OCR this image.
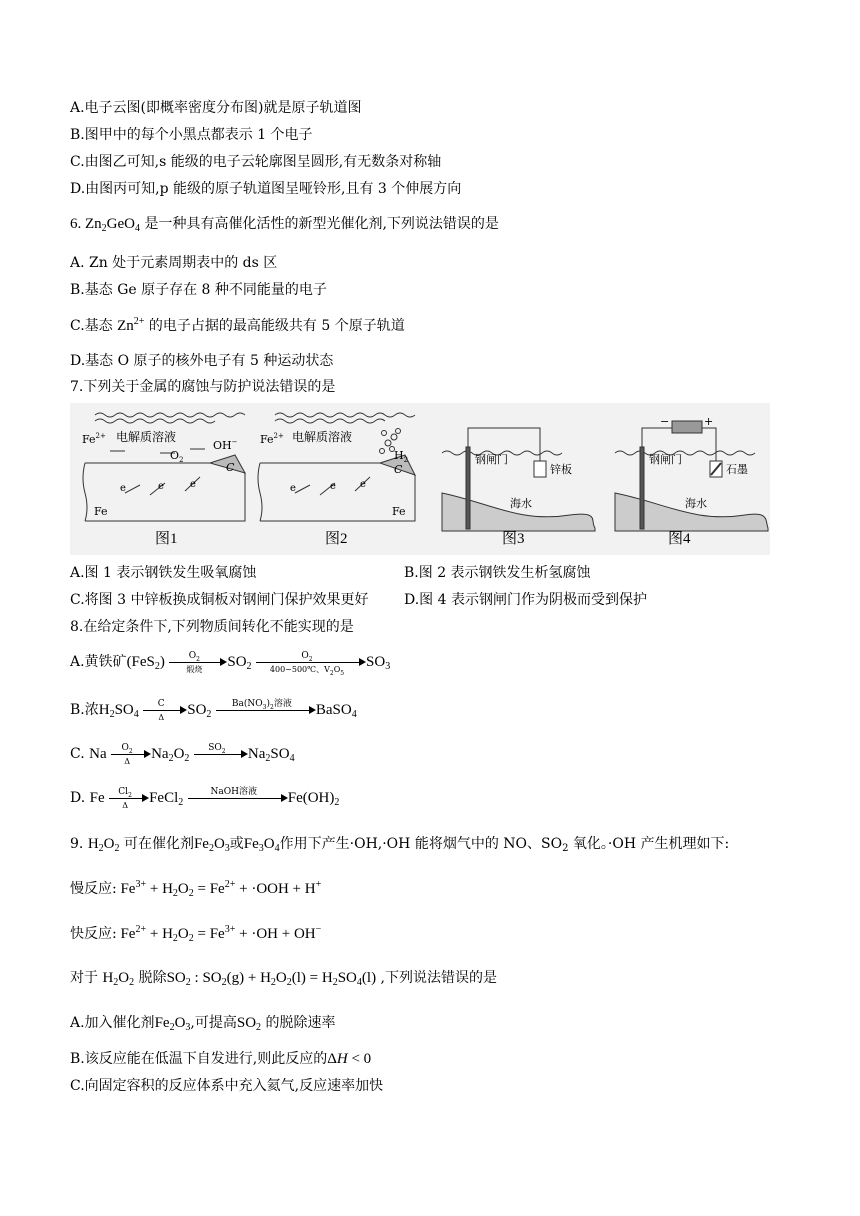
A.电子云图(即概率密度分布图)就是原子轨道图
B.图甲中的每个小黑点都表示 1 个电子
C.由图乙可知,s 能级的电子云轮廓图呈圆形,有无数条对称轴
D.由图丙可知,p 能级的原子轨道图呈哑铃形,且有 3 个伸展方向
6. $Zn_2GeO_4$ 是一种具有高催化活性的新型光催化剂,下列说法错误的是
A. Zn 处于元素周期表中的 ds 区
B.基态 Ge 原子存在 8 种不同能量的电子
C.基态 $Zn^{2+}$ 的电子占据的最高能级共有 5 个原子轨道
D.基态 O 原子的核外电子有 5 种运动状态
7.下列关于金属的腐蚀与防护说法错误的是
$Fe^{2+}$ 电解质溶液
OH−
$O_2$
C
Fe
e	e	e
图1
$Fe^{2+}$ 电解质溶液
$H_2$
C
Fe
e	e e
图2
钢闸门
锌板
海水
图3
−	+
钢闸门
石墨
海水
图4
A.图 1 表示钢铁发生吸氧腐蚀	B.图 2 表示钢铁发生析氢腐蚀
C.将图 3 中锌板换成铜板对钢闸门保护效果更好	D.图 4 表示钢闸门作为阴极而受到保护
8.在给定条件下,下列物质间转化不能实现的是
A.黄铁矿(FeS$_2$)	$O_2$
煅烧	$SO_2 \frac{O_2}{400\sim 500℃、V_2O_5} SO_3$
B.浓$H_2SO_4 \frac{C}{\Delta} SO_2$
$Ba(NO_3)_2$溶液	BaSO$_4$
C. Na $\frac{O_2}{\Delta} Na_2O_2$
$SO_2$	$Na_2SO_4$
D. Fe $\frac{Cl_2}{\Delta}$ FeCl$_2$
NaOH溶液	$Fe(OH)_2$
9. $H_2O_2$ 可在催化剂$Fe_2O_3$或$Fe_3O_4$作用下产生·OH,·OH 能将烟气中的 NO、$SO_2$ 氧化。·OH 产生机理如下:
慢反应: $Fe^{3+} + H_2O_2 = Fe^{2+} + \cdot OOH + H^+$
快反应: $Fe^{2+} + H_2O_2 = Fe^{3+} + \cdot OH + OH^-$
对于 $H_2O_2$ 脱除$SO_2$ : $SO_2(g) + H_2O_2(l) = H_2SO_4(l)$ ,下列说法错误的是
A.加入催化剂$Fe_2O_3$,可提高$SO_2$ 的脱除速率
B.该反应能在低温下自发进行,则此反应的ΔH < 0
C.向固定容积的反应体系中充入氦气,反应速率加快
